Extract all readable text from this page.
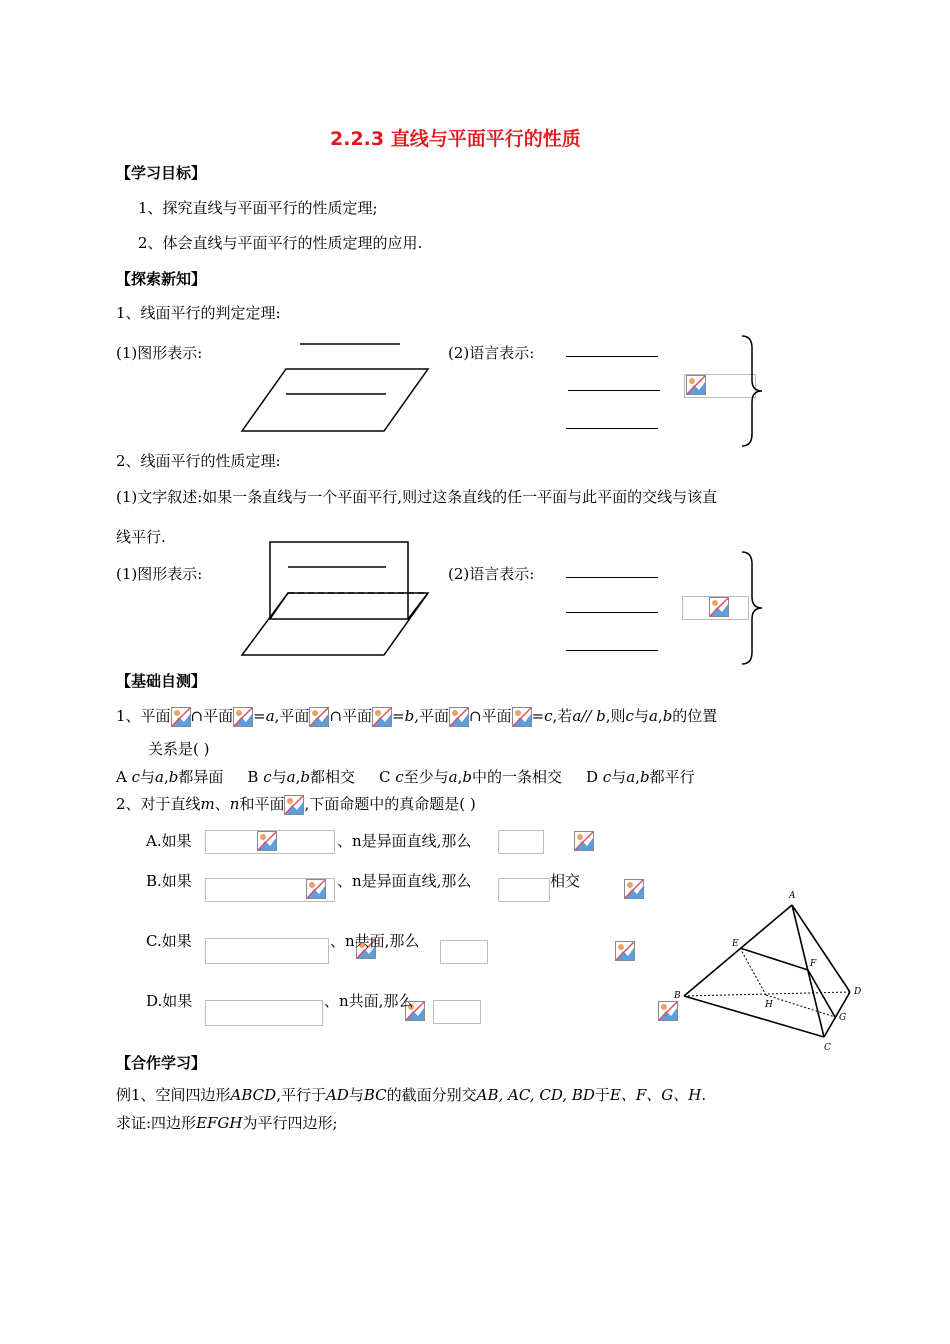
2.2.3 直线与平面平行的性质
【学习目标】
1、探究直线与平面平行的性质定理;
2、体会直线与平面平行的性质定理的应用.
【探索新知】
1、线面平行的判定定理:
(1)图形表示:	(2)语言表示:

2、线面平行的性质定理:
(1)文字叙述:如果一条直线与一个平面平行,则过这条直线的任一平面与此平面的交线与该直
线平行.
(1)图形表示:	(2)语言表示:

【基础自测】
1、平面 ∩平面 =a,平面 ∩平面 =b,平面 ∩平面 =c,若a// b,则c与a,b的位置
关系是( )
A c与a,b都异面 B c与a,b都相交 C c至少与a,b中的一条相交 D c与a,b都平行
2、对于直线m、n和平面 ,下面命题中的真命题是( )
A.如果
	、n是异面直线,那么

B.如果
	、n是异面直线,那么
	相交
C.如果
	、n共面,那么

D.如果
	、n共面,那么
A
B
C
D
E
F
G
H
【合作学习】
例1、空间四边形ABCD,平行于AD与BC的截面分别交AB, AC, CD, BD于E、F、G、H.
求证:四边形EFGH为平行四边形;
